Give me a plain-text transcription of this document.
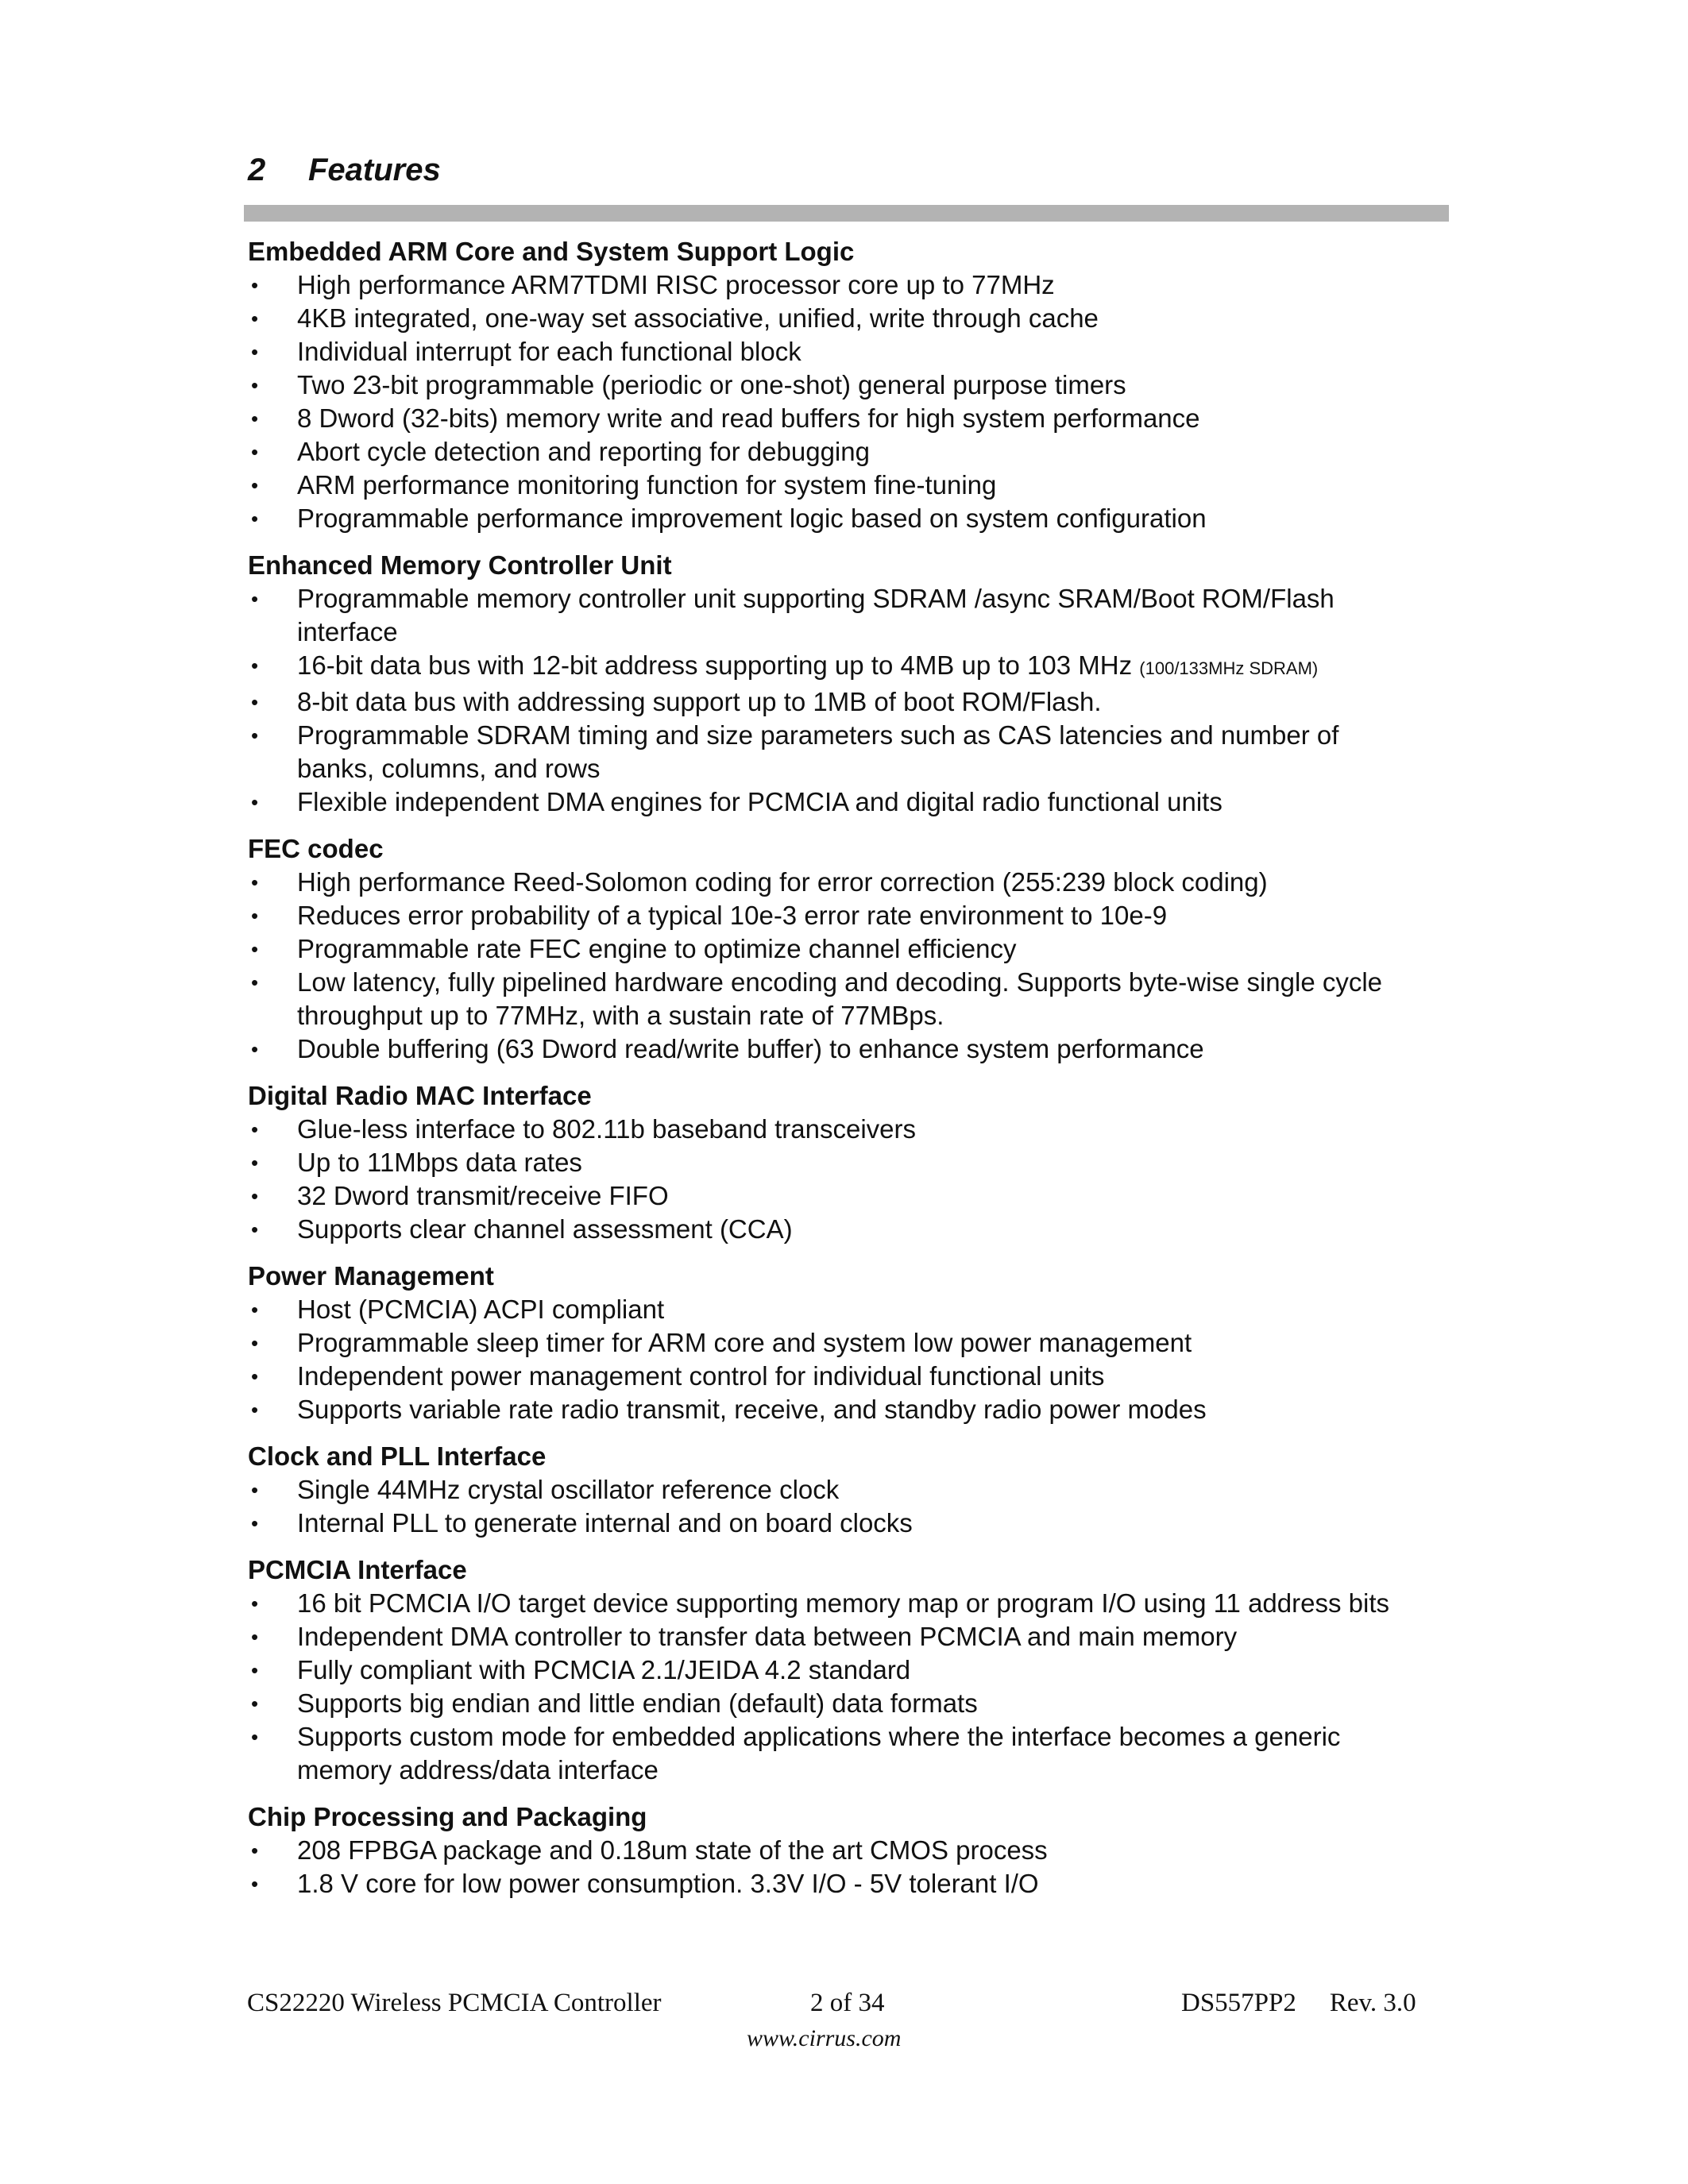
2 Features
Embedded ARM Core and System Support Logic
• High performance ARM7TDMI RISC processor core up to 77MHz
• 4KB integrated, one-way set associative, unified, write through cache
• Individual interrupt for each functional block
• Two 23-bit programmable (periodic or one-shot) general purpose timers
• 8 Dword (32-bits) memory write and read buffers for high system performance
• Abort cycle detection and reporting for debugging
• ARM performance monitoring function for system fine-tuning
• Programmable performance improvement logic based on system configuration
Enhanced Memory Controller Unit
• Programmable memory controller unit supporting SDRAM /async SRAM/Boot ROM/Flash
interface
• 16-bit data bus with 12-bit address supporting up to 4MB up to 103 MHz (100/133MHz SDRAM)
• 8-bit data bus with addressing support up to 1MB of boot ROM/Flash.
• Programmable SDRAM timing and size parameters such as CAS latencies and number of
banks, columns, and rows
• Flexible independent DMA engines for PCMCIA and digital radio functional units
FEC codec
• High performance Reed-Solomon coding for error correction (255:239 block coding)
• Reduces error probability of a typical 10e-3 error rate environment to 10e-9
• Programmable rate FEC engine to optimize channel efficiency
• Low latency, fully pipelined hardware encoding and decoding. Supports byte-wise single cycle
throughput up to 77MHz, with a sustain rate of 77MBps.
• Double buffering (63 Dword read/write buffer) to enhance system performance
Digital Radio MAC Interface
• Glue-less interface to 802.11b baseband transceivers
• Up to 11Mbps data rates
• 32 Dword transmit/receive FIFO
• Supports clear channel assessment (CCA)
Power Management
• Host (PCMCIA) ACPI compliant
• Programmable sleep timer for ARM core and system low power management
• Independent power management control for individual functional units
• Supports variable rate radio transmit, receive, and standby radio power modes
Clock and PLL Interface
• Single 44MHz crystal oscillator reference clock
• Internal PLL to generate internal and on board clocks
PCMCIA Interface
• 16 bit PCMCIA I/O target device supporting memory map or program I/O using 11 address bits
• Independent DMA controller to transfer data between PCMCIA and main memory
• Fully compliant with PCMCIA 2.1/JEIDA 4.2 standard
• Supports big endian and little endian (default) data formats
• Supports custom mode for embedded applications where the interface becomes a generic
memory address/data interface
Chip Processing and Packaging
• 208 FPBGA package and 0.18um state of the art CMOS process
• 1.8 V core for low power consumption. 3.3V I/O - 5V tolerant I/O
CS22220 Wireless PCMCIA Controller	2 of 34	DS557PP2 Rev. 3.0
www.cirrus.com
